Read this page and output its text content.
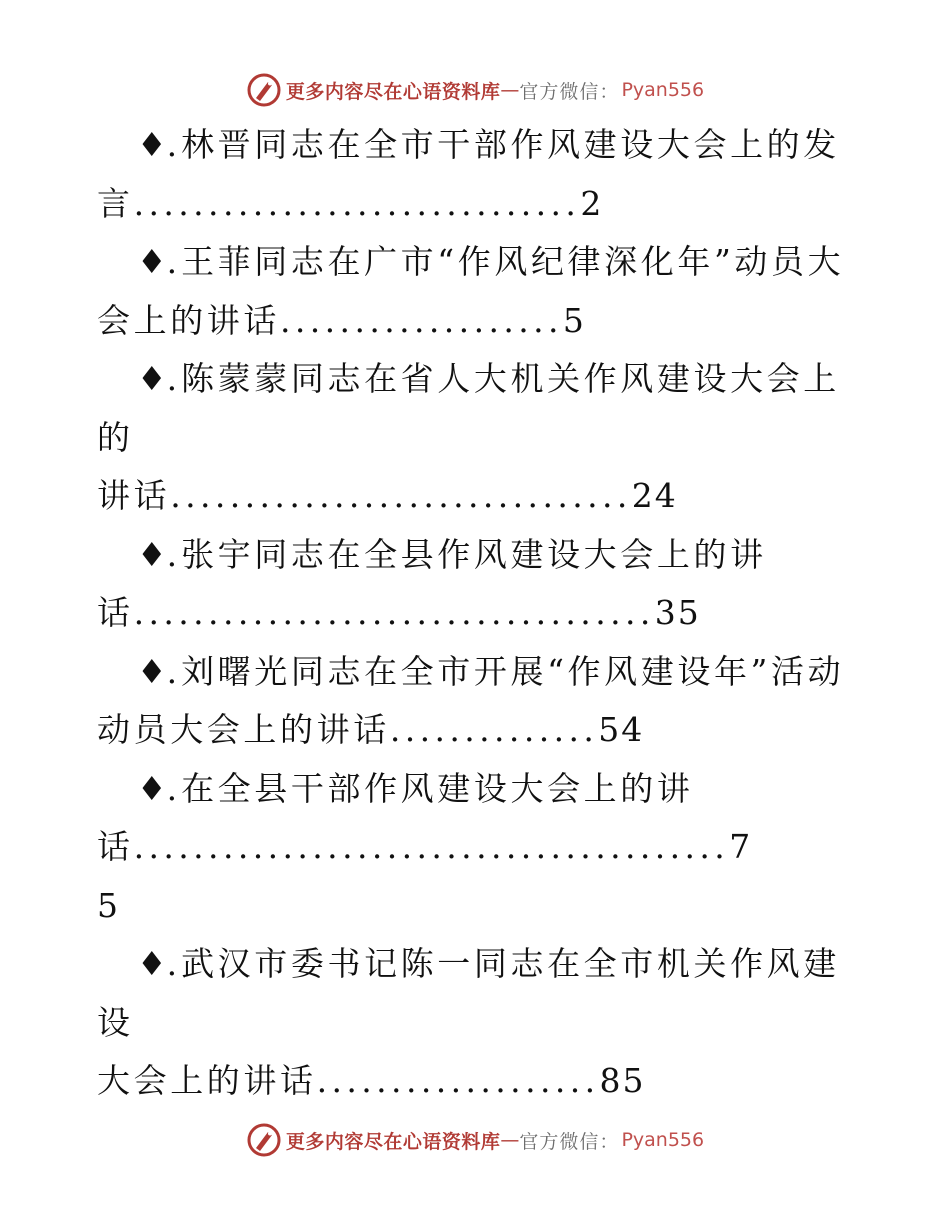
更多内容尽在心语资料库 — 官方微信： Pyan556
♦. 林晋同志在全市干部作风建设大会上的发
言..............................2
♦. 王菲同志在广市“作风纪律深化年”动员大
会上的讲话...................5
♦. 陈蒙蒙同志在省人大机关作风建设大会上的
讲话...............................24
♦. 张宇同志在全县作风建设大会上的讲
话...................................35
♦. 刘曙光同志在全市开展“作风建设年”活动
动员大会上的讲话..............54
♦. 在全县干部作风建设大会上的讲
话........................................7
5
♦. 武汉市委书记陈一同志在全市机关作风建设
大会上的讲话...................85
更多内容尽在心语资料库 — 官方微信： Pyan556
